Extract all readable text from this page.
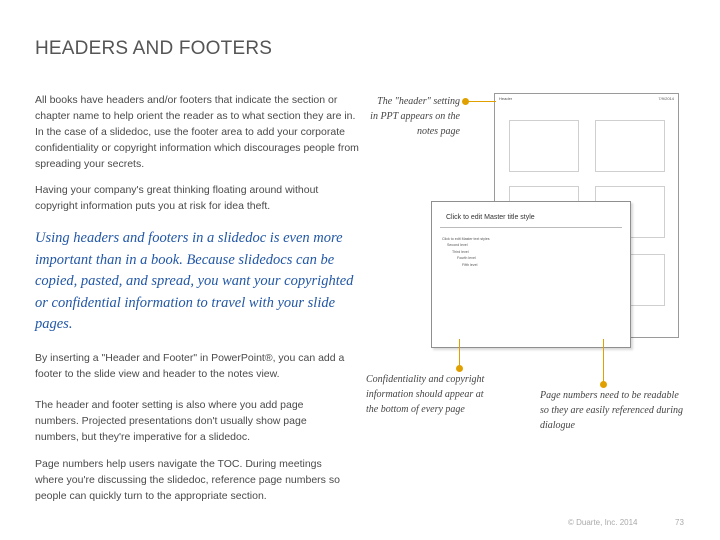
HEADERS AND FOOTERS
All books have headers and/or footers that indicate the section or chapter name to help orient the reader as to what section they are in. In the case of a slidedoc, use the footer area to add your corporate confidentiality or copyright information which discourages people from spreading your secrets.
Having your company's great thinking floating around without copyright information puts you at risk for idea theft.
Using headers and footers in a slidedoc is even more important than in a book. Because slidedocs can be copied, pasted, and spread, you want your copyrighted or confidential information to travel with your slide pages.
By inserting a "Header and Footer" in PowerPoint®, you can add a footer to the slide view and header to the notes view.
The header and footer setting is also where you add page numbers. Projected presentations don't usually show page numbers, but they're imperative for a slidedoc.
Page numbers help users navigate the TOC. During meetings where you're discussing the slidedoc, reference page numbers so people can quickly turn to the appropriate section.
Header	7/9/2014
Click to edit Master title style
Click to edit Master text styles
Second level
Third level
Fourth level
Fifth level
The "header" setting in PPT appears on the notes page
Confidentiality and copyright information should appear at the bottom of every page
Page numbers need to be readable so they are easily referenced during dialogue
© Duarte, Inc. 2014	73
